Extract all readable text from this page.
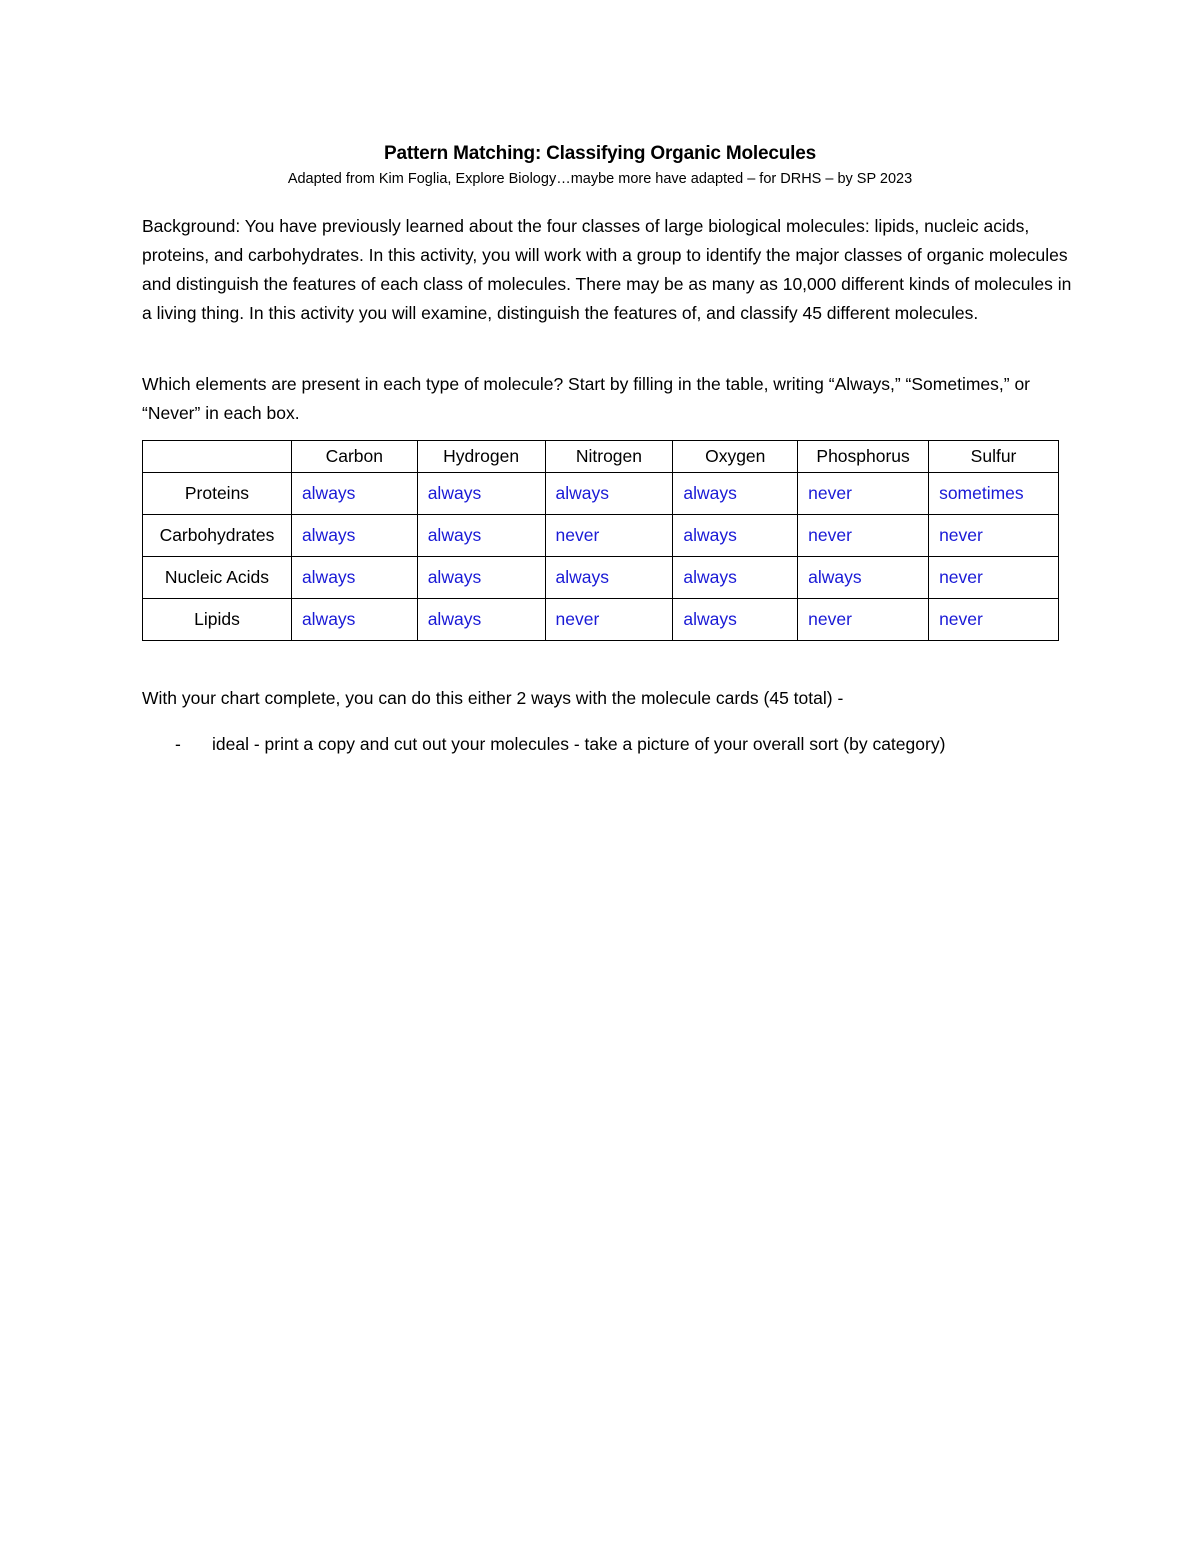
Pattern Matching: Classifying Organic Molecules
Adapted from Kim Foglia, Explore Biology…maybe more have adapted – for DRHS – by SP 2023

Background: You have previously learned about the four classes of large biological molecules: lipids, nucleic acids, proteins, and carbohydrates. In this activity, you will work with a group to identify the major classes of organic molecules and distinguish the features of each class of molecules. There may be as many as 10,000 different kinds of molecules in a living thing. In this activity you will examine, distinguish the features of, and classify 45 different molecules.

Which elements are present in each type of molecule? Start by filling in the table, writing “Always,” “Sometimes,” or “Never” in each box.

	Carbon	Hydrogen	Nitrogen	Oxygen	Phosphorus	Sulfur
Proteins	always	always	always	always	never	sometimes
Carbohydrates	always	always	never	always	never	never
Nucleic Acids	always	always	always	always	always	never
Lipids	always	always	never	always	never	never

With your chart complete, you can do this either 2 ways with the molecule cards (45 total) -

-	ideal - print a copy and cut out your molecules - take a picture of your overall sort (by category)
